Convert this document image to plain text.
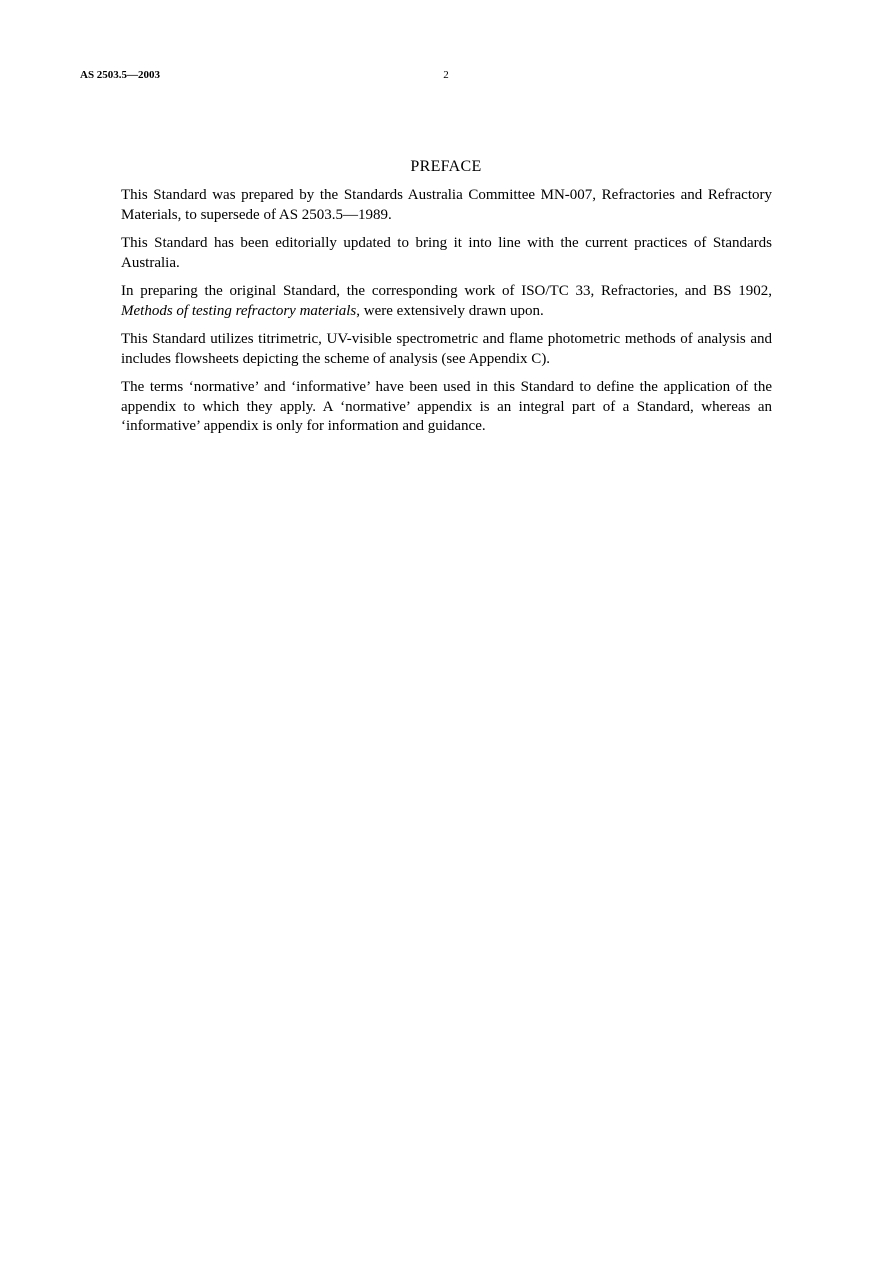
AS 2503.5—2003	2
PREFACE

This Standard was prepared by the Standards Australia Committee MN-007, Refractories and Refractory Materials, to supersede of AS 2503.5—1989.

This Standard has been editorially updated to bring it into line with the current practices of Standards Australia.

In preparing the original Standard, the corresponding work of ISO/TC 33, Refractories, and BS 1902, Methods of testing refractory materials, were extensively drawn upon.

This Standard utilizes titrimetric, UV-visible spectrometric and flame photometric methods of analysis and includes flowsheets depicting the scheme of analysis (see Appendix C).

The terms ‘normative’ and ‘informative’ have been used in this Standard to define the application of the appendix to which they apply. A ‘normative’ appendix is an integral part of a Standard, whereas an ‘informative’ appendix is only for information and guidance.
